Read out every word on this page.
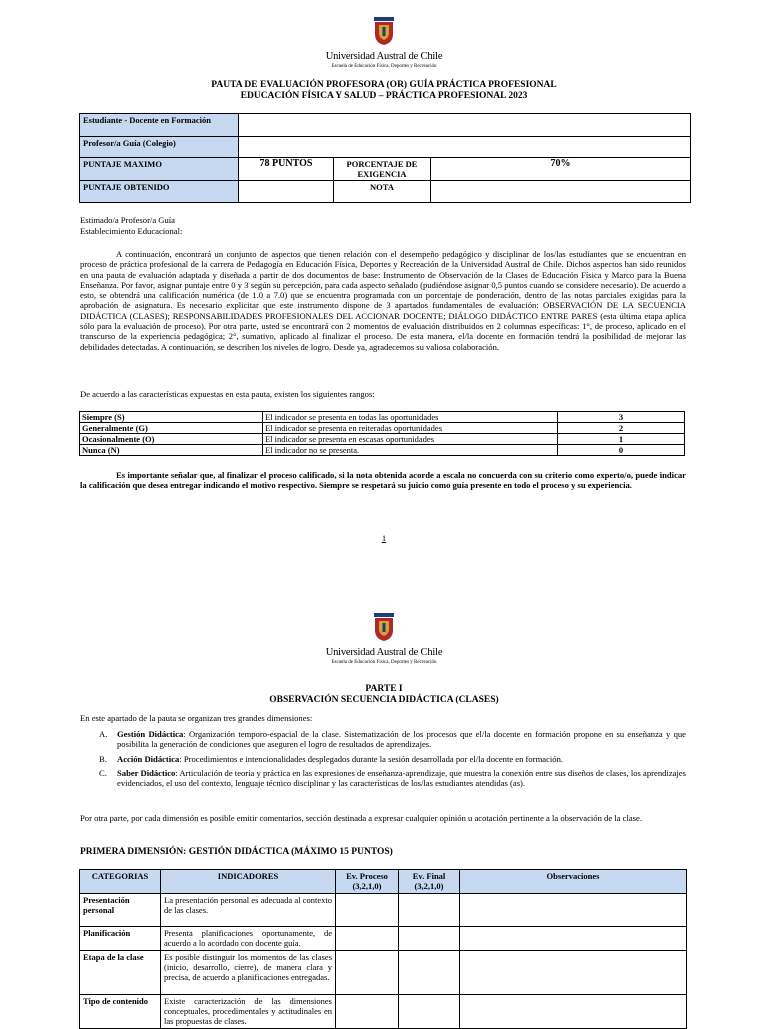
Universidad Austral de Chile
Escuela de Educación Física, Deportes y Recreación
PAUTA DE EVALUACIÓN PROFESORA (OR) GUÍA PRÁCTICA PROFESIONAL
EDUCACIÓN FÍSICA Y SALUD – PRÁCTICA PROFESIONAL 2023
Estudiante - Docente en Formación			
Profesor/a Guía (Colegio)			
PUNTAJE MAXIMO	78 PUNTOS	PORCENTAJE DE EXIGENCIA	70%
PUNTAJE OBTENIDO		NOTA	
Estimado/a Profesor/a Guía
Establecimiento Educacional:
A continuación, encontrará un conjunto de aspectos que tienen relación con el desempeño pedagógico y disciplinar de los/las estudiantes que se encuentran en proceso de práctica profesional de la carrera de Pedagogía en Educación Física, Deportes y Recreación de la Universidad Austral de Chile. Dichos aspectos han sido reunidos en una pauta de evaluación adaptada y diseñada a partir de dos documentos de base: Instrumento de Observación de la Clases de Educación Física y Marco para la Buena Enseñanza. Por favor, asignar puntaje entre 0 y 3 según su percepción, para cada aspecto señalado (pudiéndose asignar 0,5 puntos cuando se considere necesario). De acuerdo a esto, se obtendrá una calificación numérica (de 1.0 a 7.0) que se encuentra programada con un porcentaje de ponderación, dentro de las notas parciales exigidas para la aprobación de asignatura. Es necesario explicitar que este instrumento dispone de 3 apartados fundamentales de evaluación: OBSERVACIÓN DE LA SECUENCIA DIDÁCTICA (CLASES); RESPONSABILIDADES PROFESIONALES DEL ACCIONAR DOCENTE; DIÁLOGO DIDÁCTICO ENTRE PARES (esta última etapa aplica sólo para la evaluación de proceso). Por otra parte, usted se encontrará con 2 momentos de evaluación distribuidos en 2 columnas específicas: 1°, de proceso, aplicado en el transcurso de la experiencia pedagógica; 2°, sumativo, aplicado al finalizar el proceso. De esta manera, el/la docente en formación tendrá la posibilidad de mejorar las debilidades detectadas. A continuación, se describen los niveles de logro. Desde ya, agradecemos su valiosa colaboración.
De acuerdo a las características expuestas en esta pauta, existen los siguientes rangos:
Siempre (S)	El indicador se presenta en todas las oportunidades	3
Generalmente (G)	El indicador se presenta en reiteradas oportunidades	2
Ocasionalmente (O)	El indicador se presenta en escasas oportunidades	1
Nunca (N)	El indicador no se presenta.	0
Es importante señalar que, al finalizar el proceso calificado, si la nota obtenida acorde a escala no concuerda con su criterio como experto/o, puede indicar la calificación que desea entregar indicando el motivo respectivo. Siempre se respetará su juicio como guía presente en todo el proceso y su experiencia.
1
Universidad Austral de Chile
Escuela de Educación Física, Deportes y Recreación
PARTE I
OBSERVACIÓN SECUENCIA DIDÁCTICA (CLASES)
En este apartado de la pauta se organizan tres grandes dimensiones:
A. Gestión Didáctica: Organización temporo-espacial de la clase. Sistematización de los procesos que el/la docente en formación propone en su enseñanza y que posibilita la generación de condiciones que aseguren el logro de resultados de aprendizajes.
B. Acción Didáctica: Procedimientos e intencionalidades desplegados durante la sesión desarrollada por el/la docente en formación.
C. Saber Didáctico: Articulación de teoría y práctica en las expresiones de enseñanza-aprendizaje, que muestra la conexión entre sus diseños de clases, los aprendizajes evidenciados, el uso del contexto, lenguaje técnico disciplinar y las características de los/las estudiantes atendidas (as).
Por otra parte, por cada dimensión es posible emitir comentarios, sección destinada a expresar cualquier opinión u acotación pertinente a la observación de la clase.
PRIMERA DIMENSIÓN: GESTIÓN DIDÁCTICA (MÁXIMO 15 PUNTOS)
CATEGORIAS	INDICADORES	Ev. Proceso (3,2,1,0)	Ev. Final (3,2,1,0)	Observaciones
Presentación personal	La presentación personal es adecuada al contexto de las clases.			
Planificación	Presenta planificaciones oportunamente, de acuerdo a lo acordado con docente guía.			
Etapa de la clase	Es posible distinguir los momentos de las clases (inicio, desarrollo, cierre), de manera clara y precisa, de acuerdo a planificaciones entregadas.			
Tipo de contenido	Existe caracterización de las dimensiones conceptuales, procedimentales y actitudinales en las propuestas de clases.			
